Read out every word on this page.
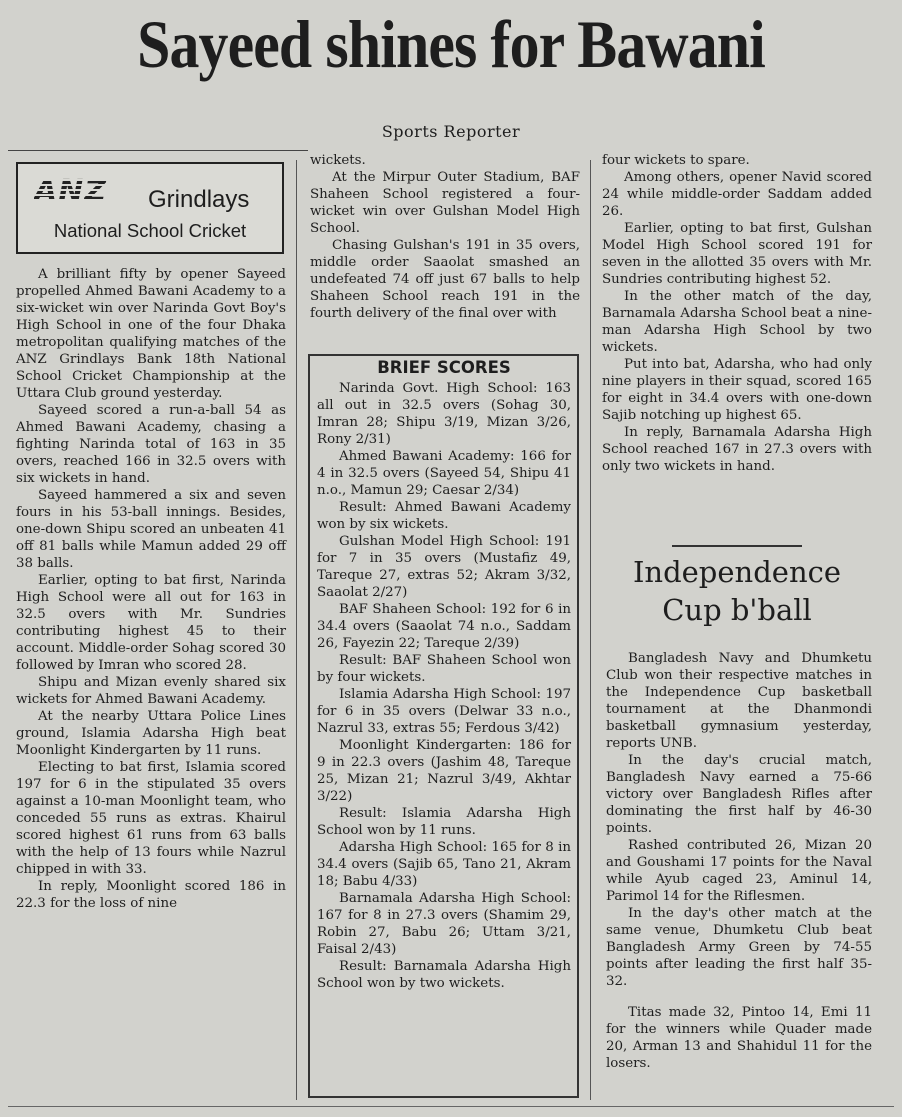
Sayeed shines for Bawani
Sports Reporter
ANZ Grindlays
National School Cricket

A brilliant fifty by opener Sayeed propelled Ahmed Bawani Academy to a six-wicket win over Narinda Govt Boy's High School in one of the four Dhaka metropolitan qualifying matches of the ANZ Grindlays Bank 18th National School Cricket Championship at the Uttara Club ground yesterday.

Sayeed scored a run-a-ball 54 as Ahmed Bawani Academy, chasing a fighting Narinda total of 163 in 35 overs, reached 166 in 32.5 overs with six wickets in hand.

Sayeed hammered a six and seven fours in his 53-ball innings. Besides, one-down Shipu scored an unbeaten 41 off 81 balls while Mamun added 29 off 38 balls.

Earlier, opting to bat first, Narinda High School were all out for 163 in 32.5 overs with Mr. Sundries contributing highest 45 to their account. Middle-order Sohag scored 30 followed by Imran who scored 28.

Shipu and Mizan evenly shared six wickets for Ahmed Bawani Academy.

At the nearby Uttara Police Lines ground, Islamia Adarsha High beat Moonlight Kindergarten by 11 runs.

Electing to bat first, Islamia scored 197 for 6 in the stipulated 35 overs against a 10-man Moonlight team, who conceded 55 runs as extras. Khairul scored highest 61 runs from 63 balls with the help of 13 fours while Nazrul chipped in with 33.

In reply, Moonlight scored 186 in 22.3 for the loss of nine

wickets.

At the Mirpur Outer Stadium, BAF Shaheen School registered a four-wicket win over Gulshan Model High School.

Chasing Gulshan's 191 in 35 overs, middle order Saaolat smashed an undefeated 74 off just 67 balls to help Shaheen School reach 191 in the fourth delivery of the final over with

BRIEF SCORES

Narinda Govt. High School: 163 all out in 32.5 overs (Sohag 30, Imran 28; Shipu 3/19, Mizan 3/26, Rony 2/31)

Ahmed Bawani Academy: 166 for 4 in 32.5 overs (Sayeed 54, Shipu 41 n.o., Mamun 29; Caesar 2/34)

Result: Ahmed Bawani Academy won by six wickets.

Gulshan Model High School: 191 for 7 in 35 overs (Mustafiz 49, Tareque 27, extras 52; Akram 3/32, Saaolat 2/27)

BAF Shaheen School: 192 for 6 in 34.4 overs (Saaolat 74 n.o., Saddam 26, Fayezin 22; Tareque 2/39)

Result: BAF Shaheen School won by four wickets.

Islamia Adarsha High School: 197 for 6 in 35 overs (Delwar 33 n.o., Nazrul 33, extras 55; Ferdous 3/42)

Moonlight Kindergarten: 186 for 9 in 22.3 overs (Jashim 48, Tareque 25, Mizan 21; Nazrul 3/49, Akhtar 3/22)

Result: Islamia Adarsha High School won by 11 runs.

Adarsha High School: 165 for 8 in 34.4 overs (Sajib 65, Tano 21, Akram 18; Babu 4/33)

Barnamala Adarsha High School: 167 for 8 in 27.3 overs (Shamim 29, Robin 27, Babu 26; Uttam 3/21, Faisal 2/43)

Result: Barnamala Adarsha High School won by two wickets.

four wickets to spare.

Among others, opener Navid scored 24 while middle-order Saddam added 26.

Earlier, opting to bat first, Gulshan Model High School scored 191 for seven in the allotted 35 overs with Mr. Sundries contributing highest 52.

In the other match of the day, Barnamala Adarsha School beat a nine-man Adarsha High School by two wickets.

Put into bat, Adarsha, who had only nine players in their squad, scored 165 for eight in 34.4 overs with one-down Sajib notching up highest 65.

In reply, Barnamala Adarsha High School reached 167 in 27.3 overs with only two wickets in hand.

Independence
Cup b'ball

Bangladesh Navy and Dhumketu Club won their respective matches in the Independence Cup basketball tournament at the Dhanmondi basketball gymnasium yesterday, reports UNB.

In the day's crucial match, Bangladesh Navy earned a 75-66 victory over Bangladesh Rifles after dominating the first half by 46-30 points.

Rashed contributed 26, Mizan 20 and Goushami 17 points for the Naval while Ayub caged 23, Aminul 14, Parimol 14 for the Riflesmen.

In the day's other match at the same venue, Dhumketu Club beat Bangladesh Army Green by 74-55 points after leading the first half 35-32.

Titas made 32, Pintoo 14, Emi 11 for the winners while Quader made 20, Arman 13 and Shahidul 11 for the losers.
